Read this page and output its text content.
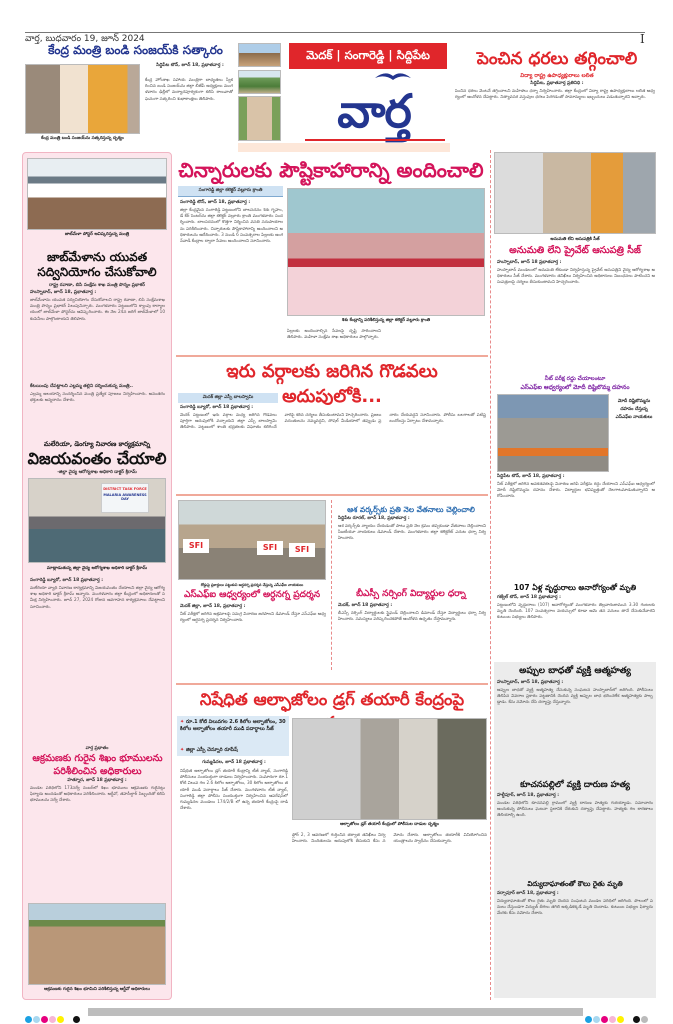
వార్త, బుధవారం 19, జూన్ 2024	I
మెదక్ | సంగారెడ్డి | సిద్దిపేట
వార్త
కేంద్ర మంత్రి బండి సంజయ్‌కి సత్కారం
కేంద్ర మంత్రి బండి సంజయ్‌ను సత్కరిస్తున్న దృశ్యం
సిద్దిపేట టౌన్, జూన్ 18, ప్రభాతవార్త :
కేంద్ర హోంశాఖ సహాయ మంత్రిగా బాధ్యతలు స్వీకరించిన బండి సంజయ్‌ను జిల్లా బీజేపీ అధ్యక్షులు మంగళవారం ఢిల్లీలో మర్యాదపూర్వకంగా కలిసి శాలువాతో ఘనంగా సత్కరించి శుభాకాంక్షలు తెలిపారు.
పెంచిన ధరలు తగ్గించాలి
విద్యా రాష్ట్ర ఉపాధ్యక్షురాలు లలిత
సిద్దిపేట, ప్రభాతవార్త ప్రతినిధి :
పెంచిన ధరలు వెంటనే తగ్గించాలని మహిళలు ధర్నా నిర్వహించారు. జిల్లా కేంద్రంలో విద్యా రాష్ట్ర ఉపాధ్యక్షురాలు లలిత ఆధ్వర్యంలో ఆందోళన చేపట్టారు. నిత్యావసర వస్తువుల ధరలు పెరగడంతో సామాన్యులు ఇబ్బందులు పడుతున్నారని అన్నారు.
జాబ్‌మేళా పోస్టర్ ఆవిష్కరిస్తున్న మంత్రి
జాబ్‌మేళాను యువత సద్వినియోగం చేసుకోవాలి
రాష్ట్ర రవాణా, బిసి సంక్షేమ శాఖ మంత్రి పొన్నం ప్రభాకర్
హుస్నాబాద్, జూన్ 18, ప్రభాతవార్త :
జాబ్‌మేళాను యువత సద్వినియోగం చేసుకోవాలని రాష్ట్ర రవాణా, బిసి సంక్షేమశాఖ మంత్రి పొన్నం ప్రభాకర్ పిలుపునిచ్చారు. మంగళవారం పట్టణంలోని క్యాంపు కార్యాలయంలో జాబ్‌మేళా పోస్టర్‌ను ఆవిష్కరించారు. ఈ నెల 24న జరిగే జాబ్‌మేళాలో 10 కంపెనీలు పాల్గొంటాయని తెలిపారు.
కేటయింపు చేపట్టాలని ఎల్లమ్మ తల్లిని దర్శించుకున్న మంత్రి..
ఎల్లమ్మ ఆలయాన్ని సందర్శించిన మంత్రి ప్రత్యేక పూజలు నిర్వహించారు. అనంతరం భక్తులకు అన్నదానం చేశారు.
మలేరియా, డెంగ్యూ నివారణ కార్యక్రమాన్ని
విజయవంతం చేయాలి
-జిల్లా వైద్య ఆరోగ్యశాఖ అధికారి డాక్టర్ శ్రీరామ్
DISTRICT TASK FORCE
MALARIA AWARENESS DAY
మాట్లాడుతున్న జిల్లా వైద్య ఆరోగ్యశాఖ అధికారి డాక్టర్ శ్రీరామ్
సంగారెడ్డి బ్యూరో, జూన్ 18 ప్రభాతవార్త :
మలేరియా వ్యాధి నివారణ కార్యక్రమాన్ని విజయవంతం చేయాలని జిల్లా వైద్య ఆరోగ్య శాఖ అధికారి డాక్టర్ శ్రీరామ్ అన్నారు. మంగళవారం జిల్లా కేంద్రంలో అధికారులతో సమీక్ష నిర్వహించారు. జూన్ 27, 2024 రోజున అవగాహన కార్యక్రమాలు చేపట్టాలని సూచించారు.
వార్త ప్రభాతం
ఆక్రమణకు గురైన శిఖం భూములను పరిశీలించిన అధికారులు
హత్నూర, జూన్ 18 ప్రభాతవార్త :
మండల పరిధిలోని 173సర్వే నంబర్‌లో శిఖం భూములు ఆక్రమణకు గురైనట్లు ఫిర్యాదు అందడంతో అధికారులు పరిశీలించారు. ఆర్డీవో, తహసీల్దార్ సిబ్బందితో కలిసి భూములను సర్వే చేశారు.
ఆక్రమణకు గురైన శిఖం భూమిని పరిశీలిస్తున్న ఆర్డీవో అధికారులు
చిన్నారులకు పౌష్టికాహారాన్ని అందించాలి
సంగారెడ్డి జిల్లా కలెక్టర్ వల్లూరు క్రాంతి
సంగారెడ్డి టౌన్, జూన్ 18, ప్రభాతవార్త :
జిల్లా కేంద్రమైన సంగారెడ్డి పట్టణంలోని బాలసదనం శిశు గృహం, డే కేర్ సెంటర్‌ను జిల్లా కలెక్టర్ వల్లూరు క్రాంతి మంగళవారం సందర్శించారు. బాలసదనంలో కొత్తగా నిర్మించిన వసతి సదుపాయాలను పరిశీలించారు. చిన్నారులకు పౌష్టికాహారాన్ని అందించాలని అధికారులను ఆదేశించారు. 3 నుండి 6 సంవత్సరాల పిల్లలకు అంగన్‌వాడీ కేంద్రాల ద్వారా సేవలు అందించాలని సూచించారు.
శిశు కేంద్రాన్ని పరిశీలిస్తున్న జిల్లా కలెక్టర్ వల్లూరు క్రాంతి
పిల్లలకు అందించాల్సిన సేవలపై దృష్టి సారించాలని తెలిపారు. మహిళా సంక్షేమ శాఖ అధికారులు పాల్గొన్నారు.
ఇరు వర్గాలకు జరిగిన గొడవలు అదుపులోకి...
మెదక్ జిల్లా ఎస్పీ బాలస్వామి
సంగారెడ్డి బ్యూరో, జూన్ 18 ప్రభాతవార్త :
మెదక్ పట్టణంలో ఇరు వర్గాల మధ్య జరిగిన గొడవలు పూర్తిగా అదుపులోకి వచ్చాయని జిల్లా ఎస్పీ బాలస్వామి తెలిపారు. పట్టణంలో శాంతి భద్రతలకు విఘాతం కలిగించే వారిపై కఠిన చర్యలు తీసుకుంటామని హెచ్చరించారు. ప్రజలు వదంతులను నమ్మవద్దని, సోషల్ మీడియాలో తప్పుడు ప్రచారం చేయవద్దని సూచించారు. పోలీసు బలగాలతో పటిష్ట బందోబస్తు ఏర్పాటు చేశామన్నారు.
SFI	SFI	SFI
రోడ్డుపై ప్లకార్డులు పట్టుకుని అర్ధనగ్న ప్రదర్శన చేస్తున్న ఎస్ఎఫ్ఐ నాయకులు
ఎస్ఎఫ్ఐ ఆధ్వర్యంలో అర్ధనగ్న ప్రదర్శన
మెదక్ జిల్లా, జూన్ 18, ప్రభాతవార్త :
నీట్ పరీక్షలో జరిగిన అక్రమాలపై సమగ్ర విచారణ జరపాలని డిమాండ్ చేస్తూ ఎస్ఎఫ్ఐ ఆధ్వర్యంలో అర్ధనగ్న ప్రదర్శన నిర్వహించారు.
ఆశ వర్కర్స్‌కు ప్రతి నెల వేతనాలు చెల్లించాలి
సిద్దిపేట రూరల్, జూన్ 18, ప్రభాతవార్త :
ఆశ వర్కర్స్‌కు న్యాయం చేయడంతో పాటు ప్రతి నెల క్రమం తప్పకుండా వేతనాలు చెల్లించాలని సీఐటీయూ నాయకులు డిమాండ్ చేశారు. మంగళవారం జిల్లా కలెక్టరేట్ ఎదుట ధర్నా నిర్వహించారు.
బీఎస్సీ నర్సింగ్ విద్యార్థుల ధర్నా
మెదక్, జూన్ 18 ప్రభాతవార్త :
బీఎస్సీ నర్సింగ్ విద్యార్థులకు స్టైఫండ్ చెల్లించాలని డిమాండ్ చేస్తూ విద్యార్థులు ధర్నా నిర్వహించారు. సమస్యలు పరిష్కరించకపోతే ఆందోళన ఉధృతం చేస్తామన్నారు.
నిషేధిత ఆల్ఫాజోలం డ్రగ్ తయారీ కేంద్రంపై
✦ రూ.1 కోటి విలువగల 2.6 కిలోల ఆల్ఫాజోలం, 30 కిలోల ఆల్ఫాజోలం తయారీ ముడి పదార్థాలు సీజ్
✦ జిల్లా ఎస్పీ చెన్నూరి రూపేష్
గుమ్మడిదల, జూన్ 18 ప్రభాతవార్త :
నిషేధిత ఆల్ఫాజోలం డ్రగ్ తయారీ కేంద్రాన్ని టీజీ న్యాబ్, సంగారెడ్డి పోలీసులు సంయుక్తంగా దాడులు నిర్వహించారు. సుమారుగా రూ.1 కోటి విలువ గల 2.6 కిలోల ఆల్ఫాజోలం, 30 కిలోల ఆల్ఫాజోలం తయారీ ముడి పదార్థాలు సీజ్ చేశారు. మంగళవారం టీజీ న్యాబ్, సంగారెడ్డి జిల్లా పోలీసు సంయుక్తంగా నిర్వహించిన ఆపరేషన్‌లో గుమ్మడిదల మండలం 174/2/B లో ఉన్న తయారీ కేంద్రంపై దాడి చేశారు.
ఆల్ఫాజోలం డ్రగ్ తయారీ కేంద్రంలో పోలీసుల దాడుల దృశ్యం
ఫ్లోర్ 2, 3 ఆవరణలో గుర్తించిన తర్వాత తనిఖీలు నిర్వహించారు. నిందితులను అదుపులోకి తీసుకుని కేసు నమోదు చేశారు. ఆల్ఫాజోలం తయారీకి వినియోగించిన యంత్రాలను స్వాధీనం చేసుకున్నారు.
అనుమతి లేని ఆసుపత్రికి సీజ్
అనుమతి లేని ప్రైవేట్ ఆసుపత్రి సీజ్
హుస్నాబాద్, జూన్ 18 ప్రభాతవార్త :
హుస్నాబాద్ మండలంలో అనుమతి లేకుండా నిర్వహిస్తున్న ప్రైవేట్ ఆసుపత్రిని వైద్య ఆరోగ్యశాఖ అధికారులు సీజ్ చేశారు. మంగళవారం తనిఖీలు నిర్వహించిన అధికారులు నిబంధనలు పాటించని ఆసుపత్రులపై చర్యలు తీసుకుంటామని హెచ్చరించారు.
నీట్ పరీక్ష రద్దు చేయాలంటూ
ఎస్ఎఫ్ఐ ఆధ్వర్యంలో మోదీ దిష్టిబొమ్మ దహనం
మోదీ దిష్టిబొమ్మను దహనం చేస్తున్న ఎస్ఎఫ్ఐ నాయకులు
సిద్దిపేట టౌన్, జూన్ 18, ప్రభాతవార్త :
నీట్ పరీక్షలో జరిగిన అవకతవకలపై విచారణ జరిపి పరీక్షను రద్దు చేయాలని ఎస్ఎఫ్ఐ ఆధ్వర్యంలో మోదీ దిష్టిబొమ్మను దహనం చేశారు. విద్యార్థుల భవిష్యత్తుతో చెలగాటమాడుతున్నారని ఆరోపించారు.
107 ఏళ్ల వృద్ధురాలు అనారోగ్యంతో మృతి
గజ్వేల్ టౌన్, జూన్ 18 ప్రభాతవార్త :
పట్టణంలోని వృద్ధురాలు (107) అనారోగ్యంతో మంగళవారం తెల్లవారుజామున 3.30 గంటలకు మృతి చెందింది. 107 సంవత్సరాల వయస్సులో కూడా ఆమె తన పనులు తానే చేసుకునేవారని కుటుంబ సభ్యులు తెలిపారు.
అప్పుల బాధతో వ్యక్తి ఆత్మహత్య
హుస్నాబాద్, జూన్ 18, ప్రభాతవార్త :
అప్పుల బాధతో వ్యక్తి ఆత్మహత్య చేసుకున్న సంఘటన హుస్నాబాద్‌లో జరిగింది. పోలీసులు తెలిపిన వివరాల ప్రకారం పట్టణానికి చెందిన వ్యక్తి అప్పుల బాధ భరించలేక ఆత్మహత్యకు పాల్పడ్డాడు. కేసు నమోదు చేసి దర్యాప్తు చేస్తున్నారు.
కూచనపల్లిలో వ్యక్తి దారుణ హత్య
హల్దీపూర్, జూన్ 18, ప్రభాతవార్త :
మండల పరిధిలోని కూచనపల్లి గ్రామంలో వ్యక్తి దారుణ హత్యకు గురయ్యాడు. సమాచారం అందుకున్న పోలీసులు ఘటనా స్థలానికి చేరుకుని దర్యాప్తు చేపట్టారు. హత్యకు గల కారణాలు తెలియాల్సి ఉంది.
విద్యుదాఘాతంతో కౌలు రైతు మృతి
నర్సాపూర్ జూన్ 18, ప్రభాతవార్త :
విద్యుదాఘాతంతో కౌలు రైతు మృతి చెందిన సంఘటన మండల పరిధిలో జరిగింది. పొలంలో పనులు చేస్తుండగా విద్యుత్ తీగలు తగిలి అక్కడికక్కడే మృతి చెందాడు. కుటుంబ సభ్యుల ఫిర్యాదు మేరకు కేసు నమోదు చేశారు.
